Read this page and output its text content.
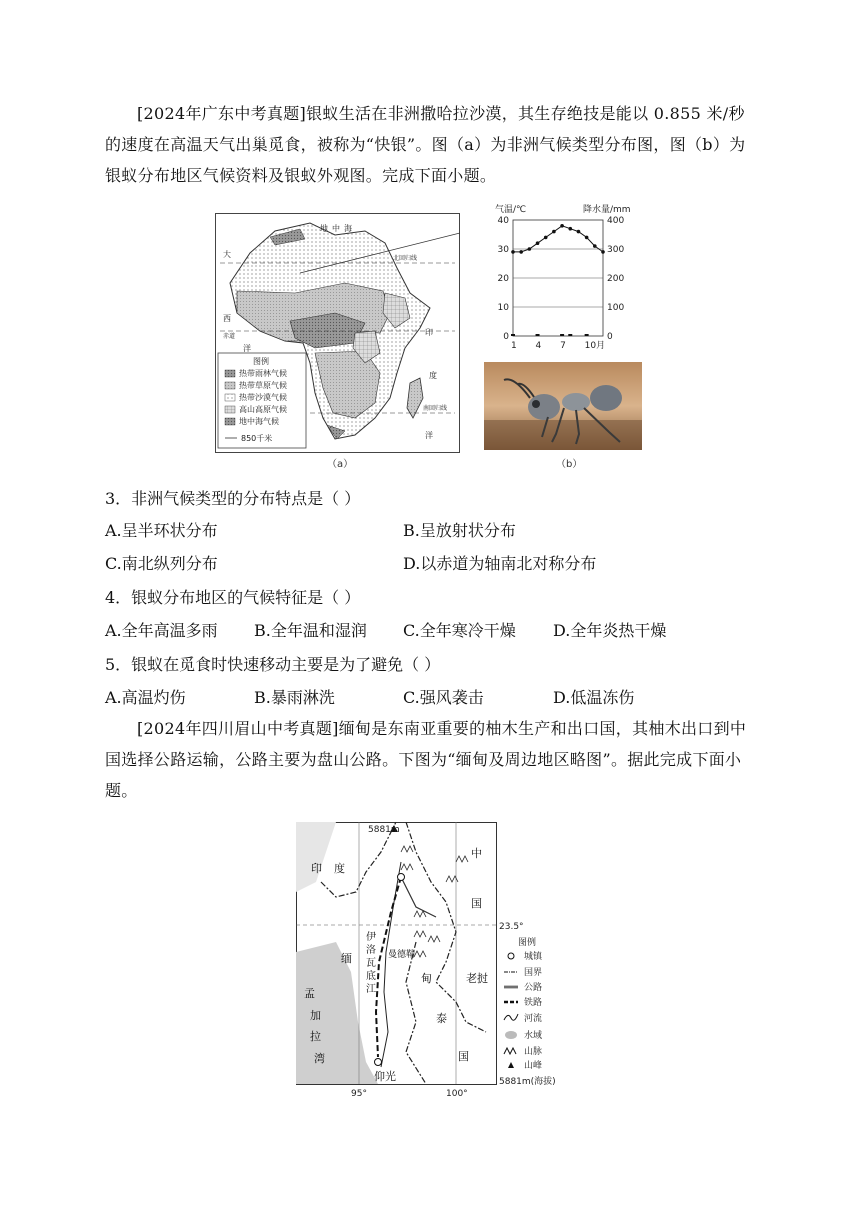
[2024年广东中考真题]银蚁生活在非洲撒哈拉沙漠，其生存绝技是能以 0.855 米/秒的速度在高温天气出巢觅食，被称为“快银”。图（a）为非洲气候类型分布图，图（b）为银蚁分布地区气候资料及银蚁外观图。完成下面小题。
地 中 海
大
西
洋
印
度
洋
北回归线
赤道
南回归线
图例
热带雨林气候
热带草原气候
热带沙漠气候
高山高原气候
地中海气候
850千米
（a）
气温/℃	降水量/mm
40
30
20
10
0
400
300
200
100
0
1 4 7 10月
（b）
3．非洲气候类型的分布特点是（ ）
A.呈半环状分布	B.呈放射状分布
C.南北纵列分布	D.以赤道为轴南北对称分布
4．银蚁分布地区的气候特征是（ ）
A.全年高温多雨 B.全年温和湿润 C.全年寒冷干燥 D.全年炎热干燥
5．银蚁在觅食时快速移动主要是为了避免（ ）
A.高温灼伤	B.暴雨淋洗	C.强风袭击	D.低温冻伤
[2024年四川眉山中考真题]缅甸是东南亚重要的柚木生产和出口国，其柚木出口到中国选择公路运输，公路主要为盘山公路。下图为“缅甸及周边地区略图”。据此完成下面小题。
5881m
印 度
中
国
缅
甸
伊
洛
瓦
底
江
曼德勒
孟
加
拉
湾
老挝
泰
国
仰光
23.5°
95°	100°
图例
城镇
国界
公路
铁路
河流
水域
山脉
山峰
5881m(海拔)
